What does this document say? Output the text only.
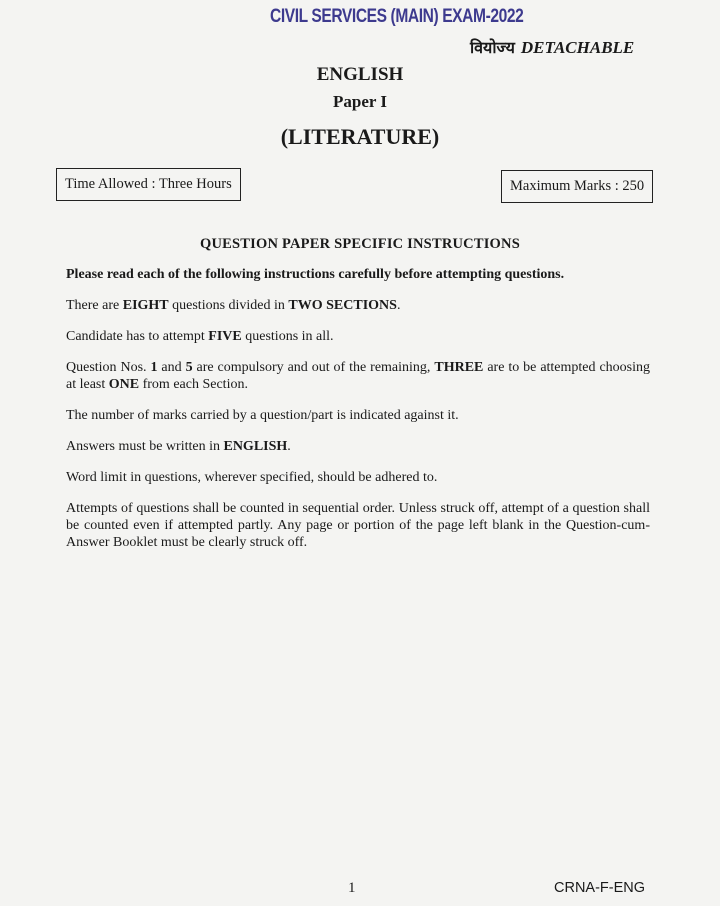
CIVIL SERVICES (MAIN) EXAM-2022
वियोज्य DETACHABLE
ENGLISH
Paper I
(LITERATURE)
Time Allowed : Three Hours	Maximum Marks : 250
QUESTION PAPER SPECIFIC INSTRUCTIONS

Please read each of the following instructions carefully before attempting questions.

There are EIGHT questions divided in TWO SECTIONS.

Candidate has to attempt FIVE questions in all.

Question Nos. 1 and 5 are compulsory and out of the remaining, THREE are to be attempted choosing at least ONE from each Section.

The number of marks carried by a question/part is indicated against it.

Answers must be written in ENGLISH.

Word limit in questions, wherever specified, should be adhered to.

Attempts of questions shall be counted in sequential order. Unless struck off, attempt of a question shall be counted even if attempted partly. Any page or portion of the page left blank in the Question-cum-Answer Booklet must be clearly struck off.

1	CRNA-F-ENG
